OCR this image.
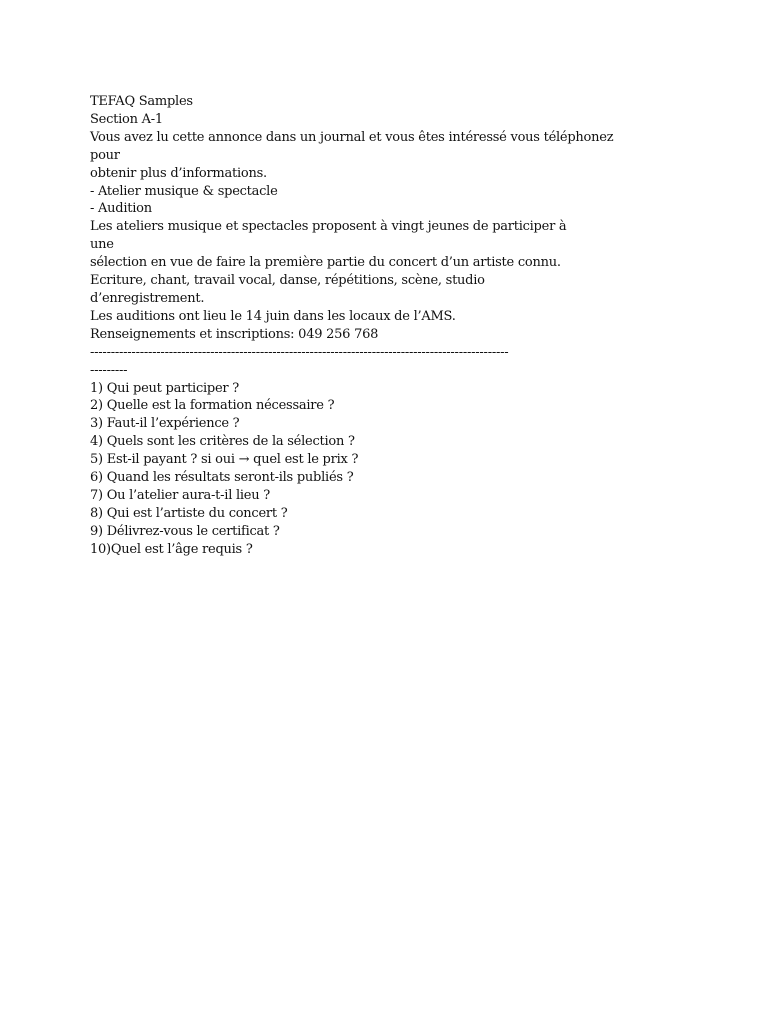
TEFAQ Samples
Section A-1
Vous avez lu cette annonce dans un journal et vous êtes intéressé vous téléphonez
pour
obtenir plus d’informations.
- Atelier musique & spectacle
- Audition
Les ateliers musique et spectacles proposent à vingt jeunes de participer à
une
sélection en vue de faire la première partie du concert d’un artiste connu.
Ecriture, chant, travail vocal, danse, répétitions, scène, studio
d’enregistrement.
Les auditions ont lieu le 14 juin dans les locaux de l’AMS.
Renseignements et inscriptions: 049 256 768
-----------------------------------------------------------------------------------------------------
---------
1) Qui peut participer ?
2) Quelle est la formation nécessaire ?
3) Faut-il l’expérience ?
4) Quels sont les critères de la sélection ?
5) Est-il payant ? si oui → quel est le prix ?
6) Quand les résultats seront-ils publiés ?
7) Ou l’atelier aura-t-il lieu ?
8) Qui est l’artiste du concert ?
9) Délivrez-vous le certificat ?
10)Quel est l’âge requis ?
